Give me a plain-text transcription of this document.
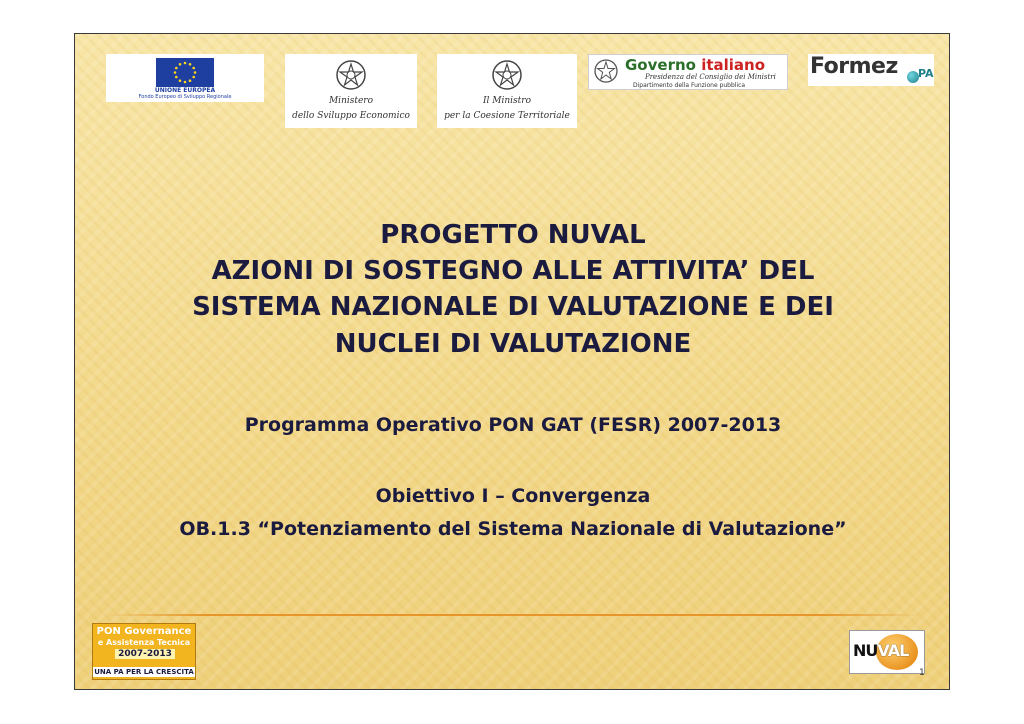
UNIONE EUROPEA
Fondo Europeo di Sviluppo Regionale	Ministero
dello Sviluppo Economico
Il Ministro
per la Coesione Territoriale
Governo italiano
Presidenza del Consiglio dei Ministri
Dipartimento della Funzione pubblica
Formez PA
PROGETTO NUVAL
AZIONI DI SOSTEGNO ALLE ATTIVITA’ DEL
SISTEMA NAZIONALE DI VALUTAZIONE E DEI
NUCLEI DI VALUTAZIONE
Programma Operativo PON GAT (FESR) 2007-2013
Obiettivo I – Convergenza
OB.1.3 “Potenziamento del Sistema Nazionale di Valutazione”
PON Governance
e Assistenza Tecnica
2007-2013
UNA PA PER LA CRESCITA
NUVAL
1
